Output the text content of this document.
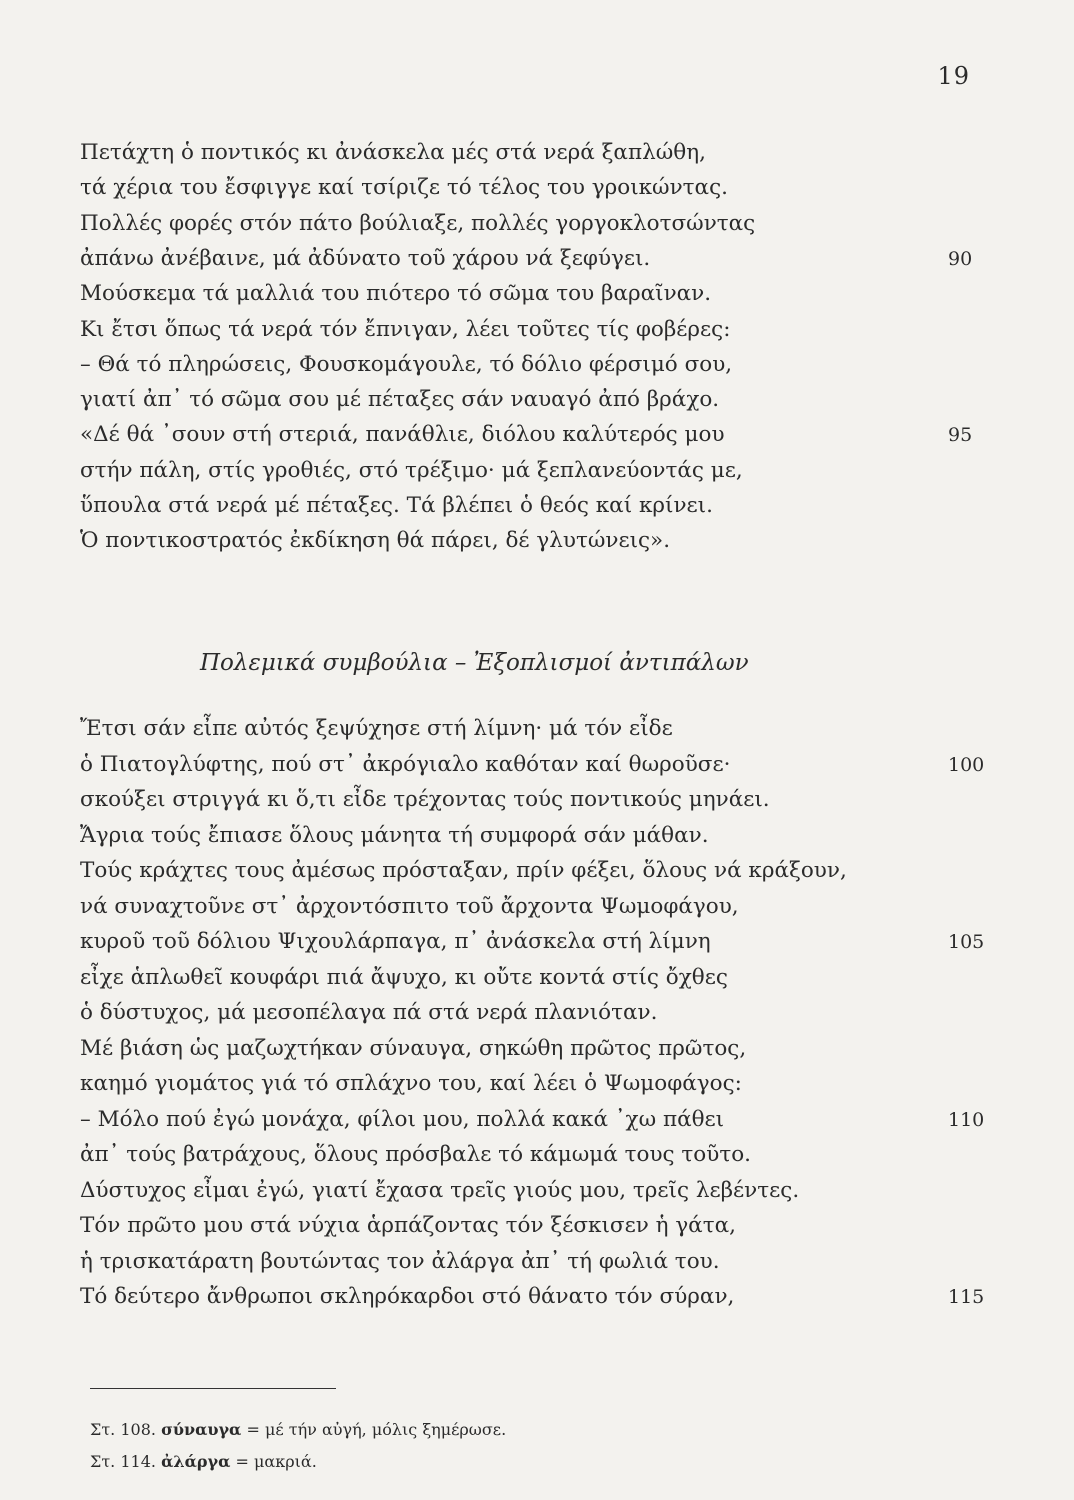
19
Πετάχτη ὁ ποντικός κι ἀνάσκελα μές στά νερά ξαπλώθη,
τά χέρια του ἔσφιγγε καί τσίριζε τό τέλος του γροικώντας.
Πολλές φορές στόν πάτο βούλιαξε, πολλές γοργοκλοτσώντας
ἀπάνω ἀνέβαινε, μά ἀδύνατο τοῦ χάρου νά ξεφύγει.	90
Μούσκεμα τά μαλλιά του πιότερο τό σῶμα του βαραῖναν.
Κι ἔτσι ὅπως τά νερά τόν ἔπνιγαν, λέει τοῦτες τίς φοβέρες:
– Θά τό πληρώσεις, Φουσκομάγουλε, τό δόλιο φέρσιμό σου,
γιατί ἀπ᾽ τό σῶμα σου μέ πέταξες σάν ναυαγό ἀπό βράχο.
«Δέ θά ᾽σουν στή στεριά, πανάθλιε, διόλου καλύτερός μου	95
στήν πάλη, στίς γροθιές, στό τρέξιμο· μά ξεπλανεύοντάς με,
ὕπουλα στά νερά μέ πέταξες. Τά βλέπει ὁ θεός καί κρίνει.
Ὁ ποντικοστρατός ἐκδίκηση θά πάρει, δέ γλυτώνεις».
Πολεμικά συμβούλια – Ἐξοπλισμοί ἀντιπάλων
Ἔτσι σάν εἶπε αὐτός ξεψύχησε στή λίμνη· μά τόν εἶδε
ὁ Πιατογλύφτης, πού στ᾽ ἀκρόγιαλο καθόταν καί θωροῦσε·	100
σκούξει στριγγά κι ὅ,τι εἶδε τρέχοντας τούς ποντικούς μηνάει.
Ἄγρια τούς ἔπιασε ὅλους μάνητα τή συμφορά σάν μάθαν.
Τούς κράχτες τους ἀμέσως πρόσταξαν, πρίν φέξει, ὅλους νά κράξουν,
νά συναχτοῦνε στ᾽ ἀρχοντόσπιτο τοῦ ἄρχοντα Ψωμοφάγου,
κυροῦ τοῦ δόλιου Ψιχουλάρπαγα, π᾽ ἀνάσκελα στή λίμνη	105
εἶχε ἁπλωθεῖ κουφάρι πιά ἄψυχο, κι οὔτε κοντά στίς ὄχθες
ὁ δύστυχος, μά μεσοπέλαγα πά στά νερά πλανιόταν.
Μέ βιάση ὡς μαζωχτήκαν σύναυγα, σηκώθη πρῶτος πρῶτος,
καημό γιομάτος γιά τό σπλάχνο του, καί λέει ὁ Ψωμοφάγος:
– Μόλο πού ἐγώ μονάχα, φίλοι μου, πολλά κακά ᾽χω πάθει	110
ἀπ᾽ τούς βατράχους, ὅλους πρόσβαλε τό κάμωμά τους τοῦτο.
Δύστυχος εἶμαι ἐγώ, γιατί ἔχασα τρεῖς γιούς μου, τρεῖς λεβέντες.
Τόν πρῶτο μου στά νύχια ἁρπάζοντας τόν ξέσκισεν ἡ γάτα,
ἡ τρισκατάρατη βουτώντας τον ἀλάργα ἀπ᾽ τή φωλιά του.
Τό δεύτερο ἄνθρωποι σκληρόκαρδοι στό θάνατο τόν σύραν,	115
Στ. 108. σύναυγα = μέ τήν αὐγή, μόλις ξημέρωσε.
Στ. 114. ἀλάργα = μακριά.
